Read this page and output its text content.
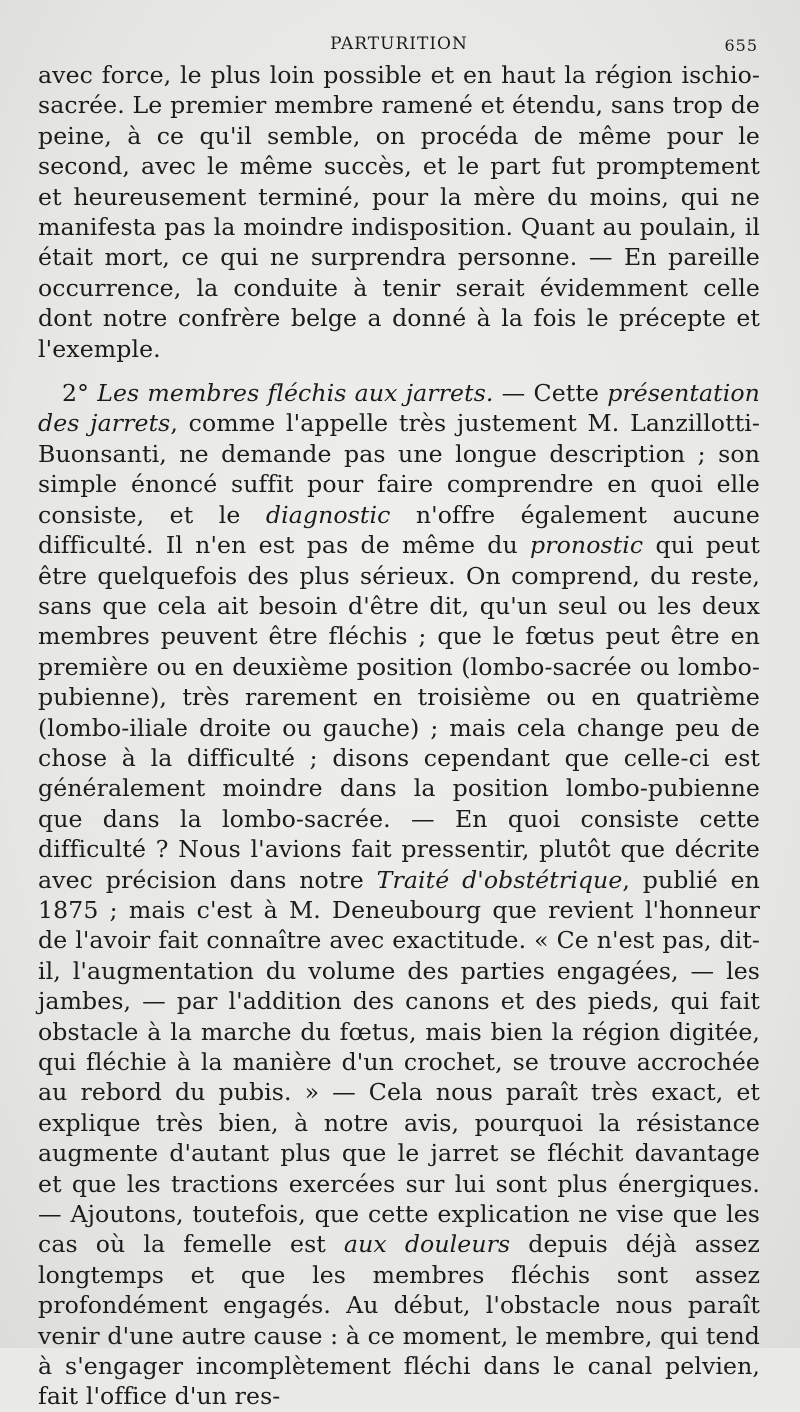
PARTURITION	655

avec force, le plus loin possible et en haut la région ischio-sacrée. Le premier membre ramené et étendu, sans trop de peine, à ce qu'il semble, on procéda de même pour le second, avec le même succès, et le part fut promptement et heureusement terminé, pour la mère du moins, qui ne manifesta pas la moindre indisposition. Quant au poulain, il était mort, ce qui ne surprendra personne. — En pareille occurrence, la conduite à tenir serait évidemment celle dont notre confrère belge a donné à la fois le précepte et l'exemple.

2° Les membres fléchis aux jarrets. — Cette présentation des jarrets, comme l'appelle très justement M. Lanzillotti-Buonsanti, ne demande pas une longue description ; son simple énoncé suffit pour faire comprendre en quoi elle consiste, et le diagnostic n'offre également aucune difficulté. Il n'en est pas de même du pronostic qui peut être quelquefois des plus sérieux. On comprend, du reste, sans que cela ait besoin d'être dit, qu'un seul ou les deux membres peuvent être fléchis ; que le fœtus peut être en première ou en deuxième position (lombo-sacrée ou lombo-pubienne), très rarement en troisième ou en quatrième (lombo-iliale droite ou gauche) ; mais cela change peu de chose à la difficulté ; disons cependant que celle-ci est généralement moindre dans la position lombo-pubienne que dans la lombo-sacrée. — En quoi consiste cette difficulté ? Nous l'avions fait pressentir, plutôt que décrite avec précision dans notre Traité d'obstétrique, publié en 1875 ; mais c'est à M. Deneubourg que revient l'honneur de l'avoir fait connaître avec exactitude. « Ce n'est pas, dit-il, l'augmentation du volume des parties engagées, — les jambes, — par l'addition des canons et des pieds, qui fait obstacle à la marche du fœtus, mais bien la région digitée, qui fléchie à la manière d'un crochet, se trouve accrochée au rebord du pubis. » — Cela nous paraît très exact, et explique très bien, à notre avis, pourquoi la résistance augmente d'autant plus que le jarret se fléchit davantage et que les tractions exercées sur lui sont plus énergiques. — Ajoutons, toutefois, que cette explication ne vise que les cas où la femelle est aux douleurs depuis déjà assez longtemps et que les membres fléchis sont assez profondément engagés. Au début, l'obstacle nous paraît venir d'une autre cause : à ce moment, le membre, qui tend à s'engager incomplètement fléchi dans le canal pelvien, fait l'office d'un res-
